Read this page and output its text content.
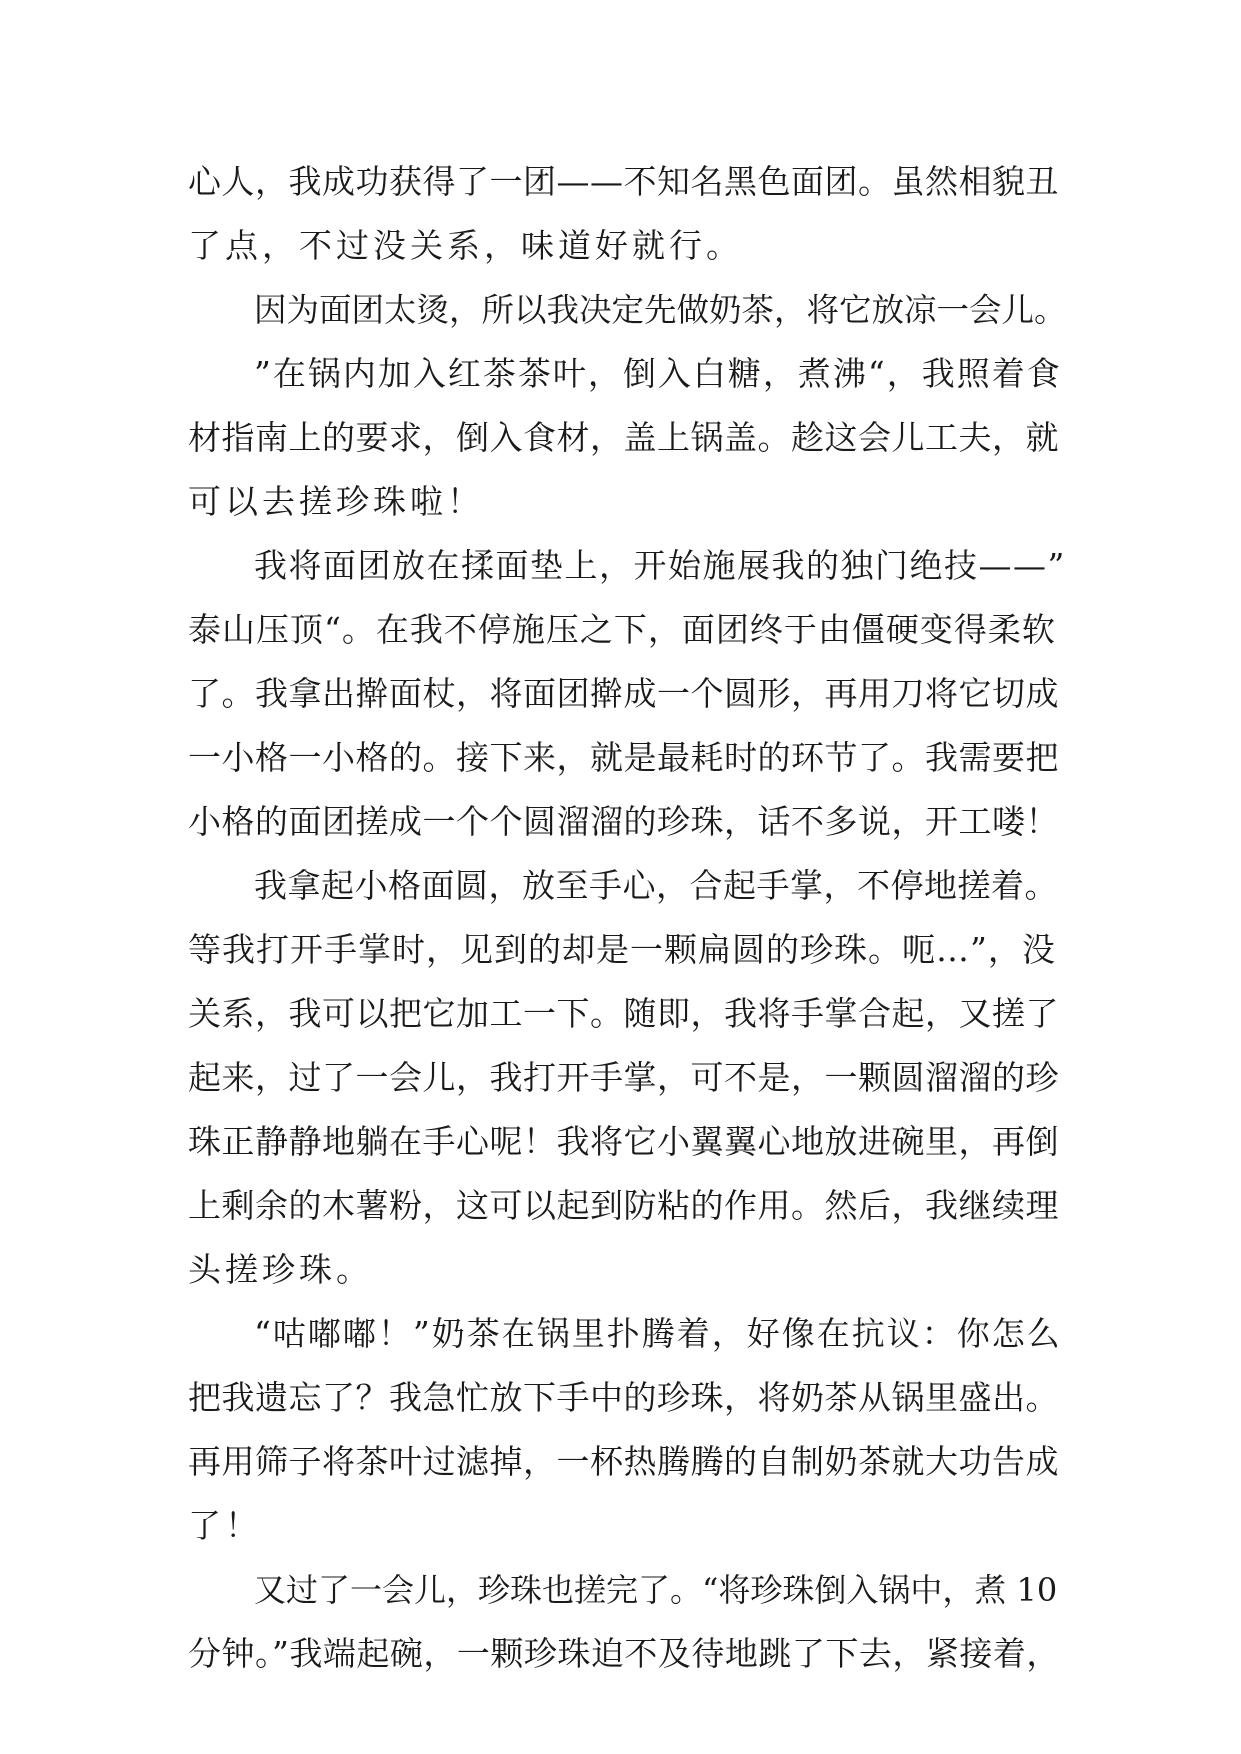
心人，我成功获得了一团——不知名黑色面团。虽然相貌丑
了点，不过没关系，味道好就行。
因为面团太烫，所以我决定先做奶茶，将它放凉一会儿。
”在锅内加入红茶茶叶，倒入白糖，煮沸“，我照着食
材指南上的要求，倒入食材，盖上锅盖。趁这会儿工夫，就
可以去搓珍珠啦！
我将面团放在揉面垫上，开始施展我的独门绝技——”
泰山压顶“。在我不停施压之下，面团终于由僵硬变得柔软
了。我拿出擀面杖，将面团擀成一个圆形，再用刀将它切成
一小格一小格的。接下来，就是最耗时的环节了。我需要把
小格的面团搓成一个个圆溜溜的珍珠，话不多说，开工喽！
我拿起小格面圆，放至手心，合起手掌，不停地搓着。
等我打开手掌时，见到的却是一颗扁圆的珍珠。呃…”，没
关系，我可以把它加工一下。随即，我将手掌合起，又搓了
起来，过了一会儿，我打开手掌，可不是，一颗圆溜溜的珍
珠正静静地躺在手心呢！我将它小翼翼心地放进碗里，再倒
上剩余的木薯粉，这可以起到防粘的作用。然后，我继续理
头搓珍珠。
“咕嘟嘟！”奶茶在锅里扑腾着，好像在抗议：你怎么
把我遗忘了？我急忙放下手中的珍珠，将奶茶从锅里盛出。
再用筛子将茶叶过滤掉，一杯热腾腾的自制奶茶就大功告成
了！
又过了一会儿，珍珠也搓完了。“将珍珠倒入锅中，煮 10
分钟。”我端起碗，一颗珍珠迫不及待地跳了下去，紧接着，
